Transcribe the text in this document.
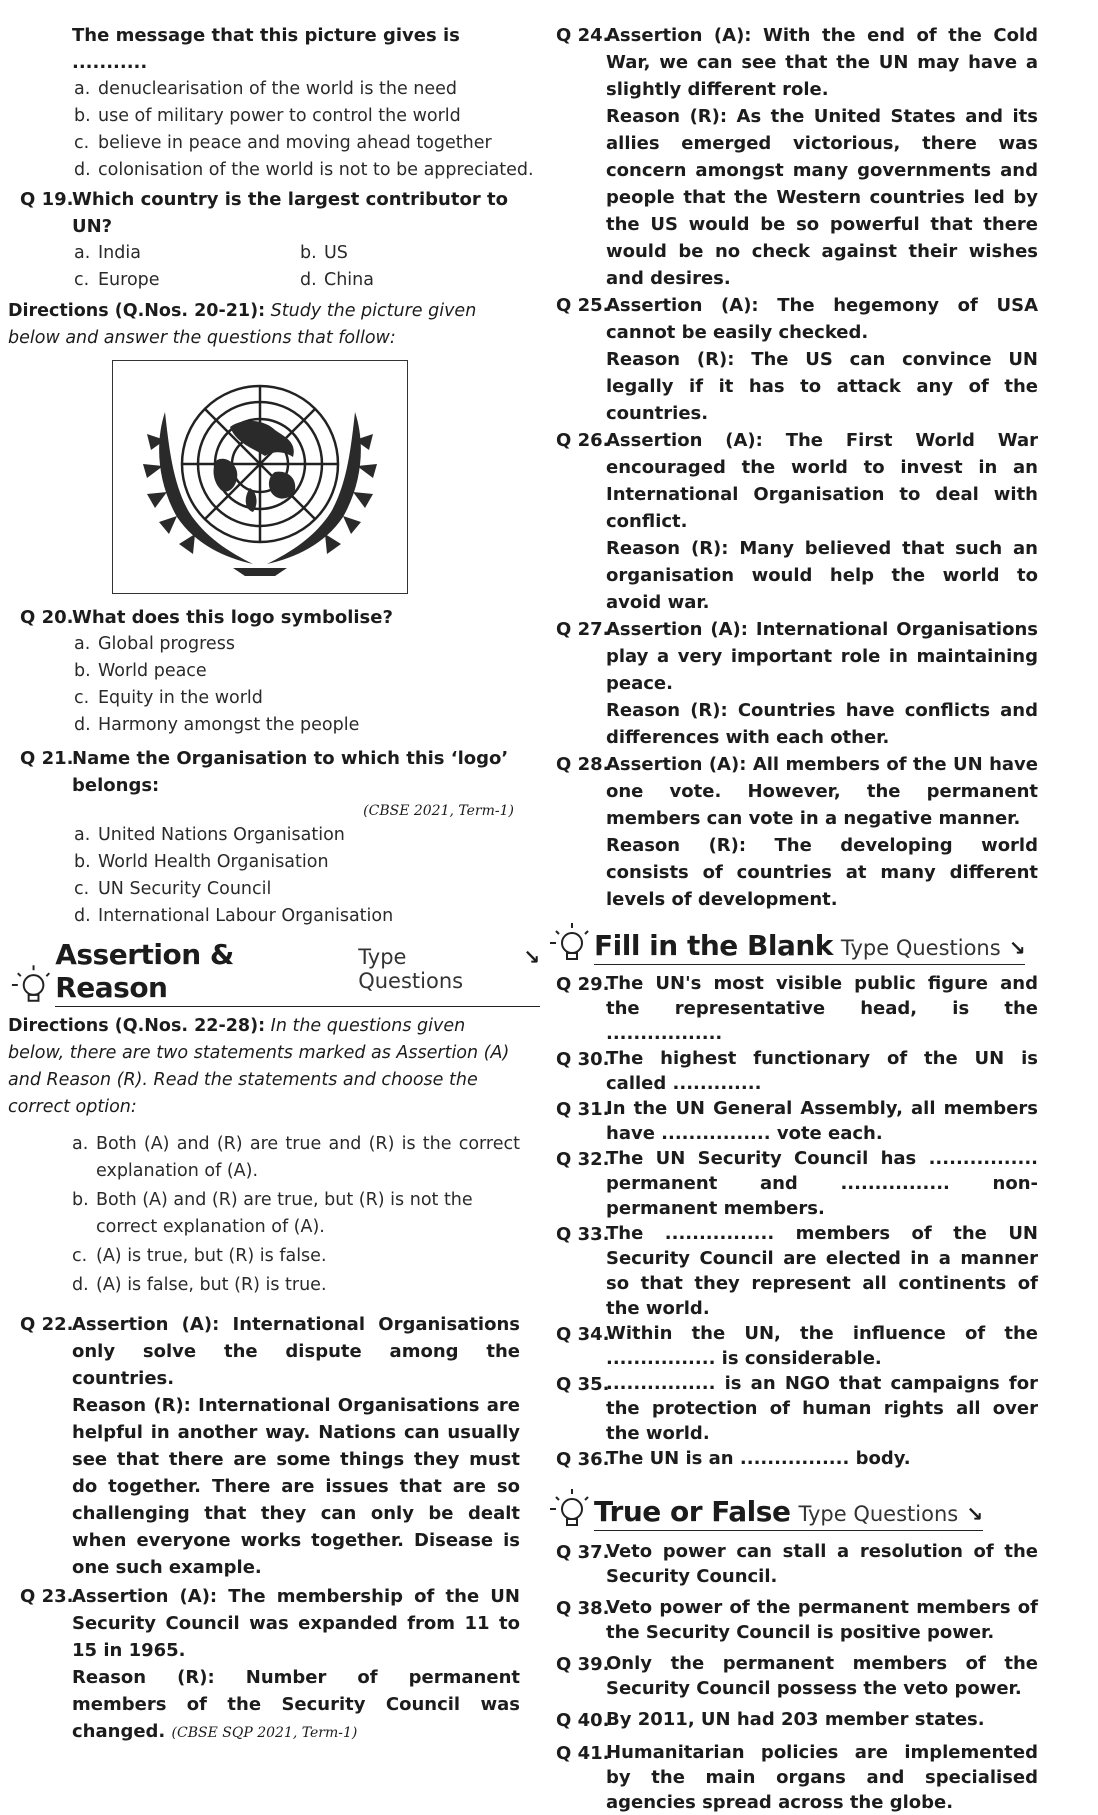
The message that this picture gives is ...........
a. denuclearisation of the world is the need
b. use of military power to control the world
c. believe in peace and moving ahead together
d. colonisation of the world is not to be appreciated.
Q 19.
Which country is the largest contributor to UN?
a. India	b. US
c. Europe	d. China
Directions (Q.Nos. 20-21): Study the picture given below and answer the questions that follow:
Q 20.
What does this logo symbolise?
a. Global progress
b. World peace
c. Equity in the world
d. Harmony amongst the people
Q 21.
Name the Organisation to which this ‘logo’ belongs:
(CBSE 2021, Term-1)
a. United Nations Organisation
b. World Health Organisation
c. UN Security Council
d. International Labour Organisation
Assertion & Reason
Type Questions
↘
Directions (Q.Nos. 22-28): In the questions given below, there are two statements marked as Assertion (A) and Reason (R). Read the statements and choose the correct option:
a. Both (A) and (R) are true and (R) is the correct explanation of (A).
b. Both (A) and (R) are true, but (R) is not the correct explanation of (A).
c. (A) is true, but (R) is false.
d. (A) is false, but (R) is true.
Q 22.

Assertion (A): International Organisations only solve the dispute among the countries.

Reason (R): International Organisations are helpful in another way. Nations can usually see that there are some things they must do together. There are issues that are so challenging that they can only be dealt when everyone works together. Disease is one such example.

Q 23.

Assertion (A): The membership of the UN Security Council was expanded from 11 to 15 in 1965.

Reason (R): Number of permanent members of the Security Council was changed. (CBSE SQP 2021, Term-1)

Q 24.

Assertion (A): With the end of the Cold War, we can see that the UN may have a slightly different role.

Reason (R): As the United States and its allies emerged victorious, there was concern amongst many governments and people that the Western countries led by the US would be so powerful that there would be no check against their wishes and desires.

Q 25.

Assertion (A): The hegemony of USA cannot be easily checked.

Reason (R): The US can convince UN legally if it has to attack any of the countries.

Q 26.

Assertion (A): The First World War encouraged the world to invest in an International Organisation to deal with conflict.

Reason (R): Many believed that such an organisation would help the world to avoid war.

Q 27.

Assertion (A): International Organisations play a very important role in maintaining peace.

Reason (R): Countries have conflicts and differences with each other.

Q 28.

Assertion (A): All members of the UN have one vote. However, the permanent members can vote in a negative manner.

Reason (R): The developing world consists of countries at many different levels of development.

Fill in the Blank Type Questions ↘
Q 29.
The UN's most visible public figure and the representative head, is the .................
Q 30.
The highest functionary of the UN is called .............
Q 31.
In the UN General Assembly, all members have ................ vote each.
Q 32.
The UN Security Council has ................ permanent and ................ non-permanent members.
Q 33.
The ................ members of the UN Security Council are elected in a manner so that they represent all continents of the world.
Q 34.
Within the UN, the influence of the ................ is considerable.
Q 35.
................ is an NGO that campaigns for the protection of human rights all over the world.
Q 36.
The UN is an ................ body.
True or False Type Questions ↘
Q 37.
Veto power can stall a resolution of the Security Council.
Q 38.
Veto power of the permanent members of the Security Council is positive power.
Q 39.
Only the permanent members of the Security Council possess the veto power.
Q 40.
By 2011, UN had 203 member states.
Q 41.
Humanitarian policies are implemented by the main organs and specialised agencies spread across the globe.
